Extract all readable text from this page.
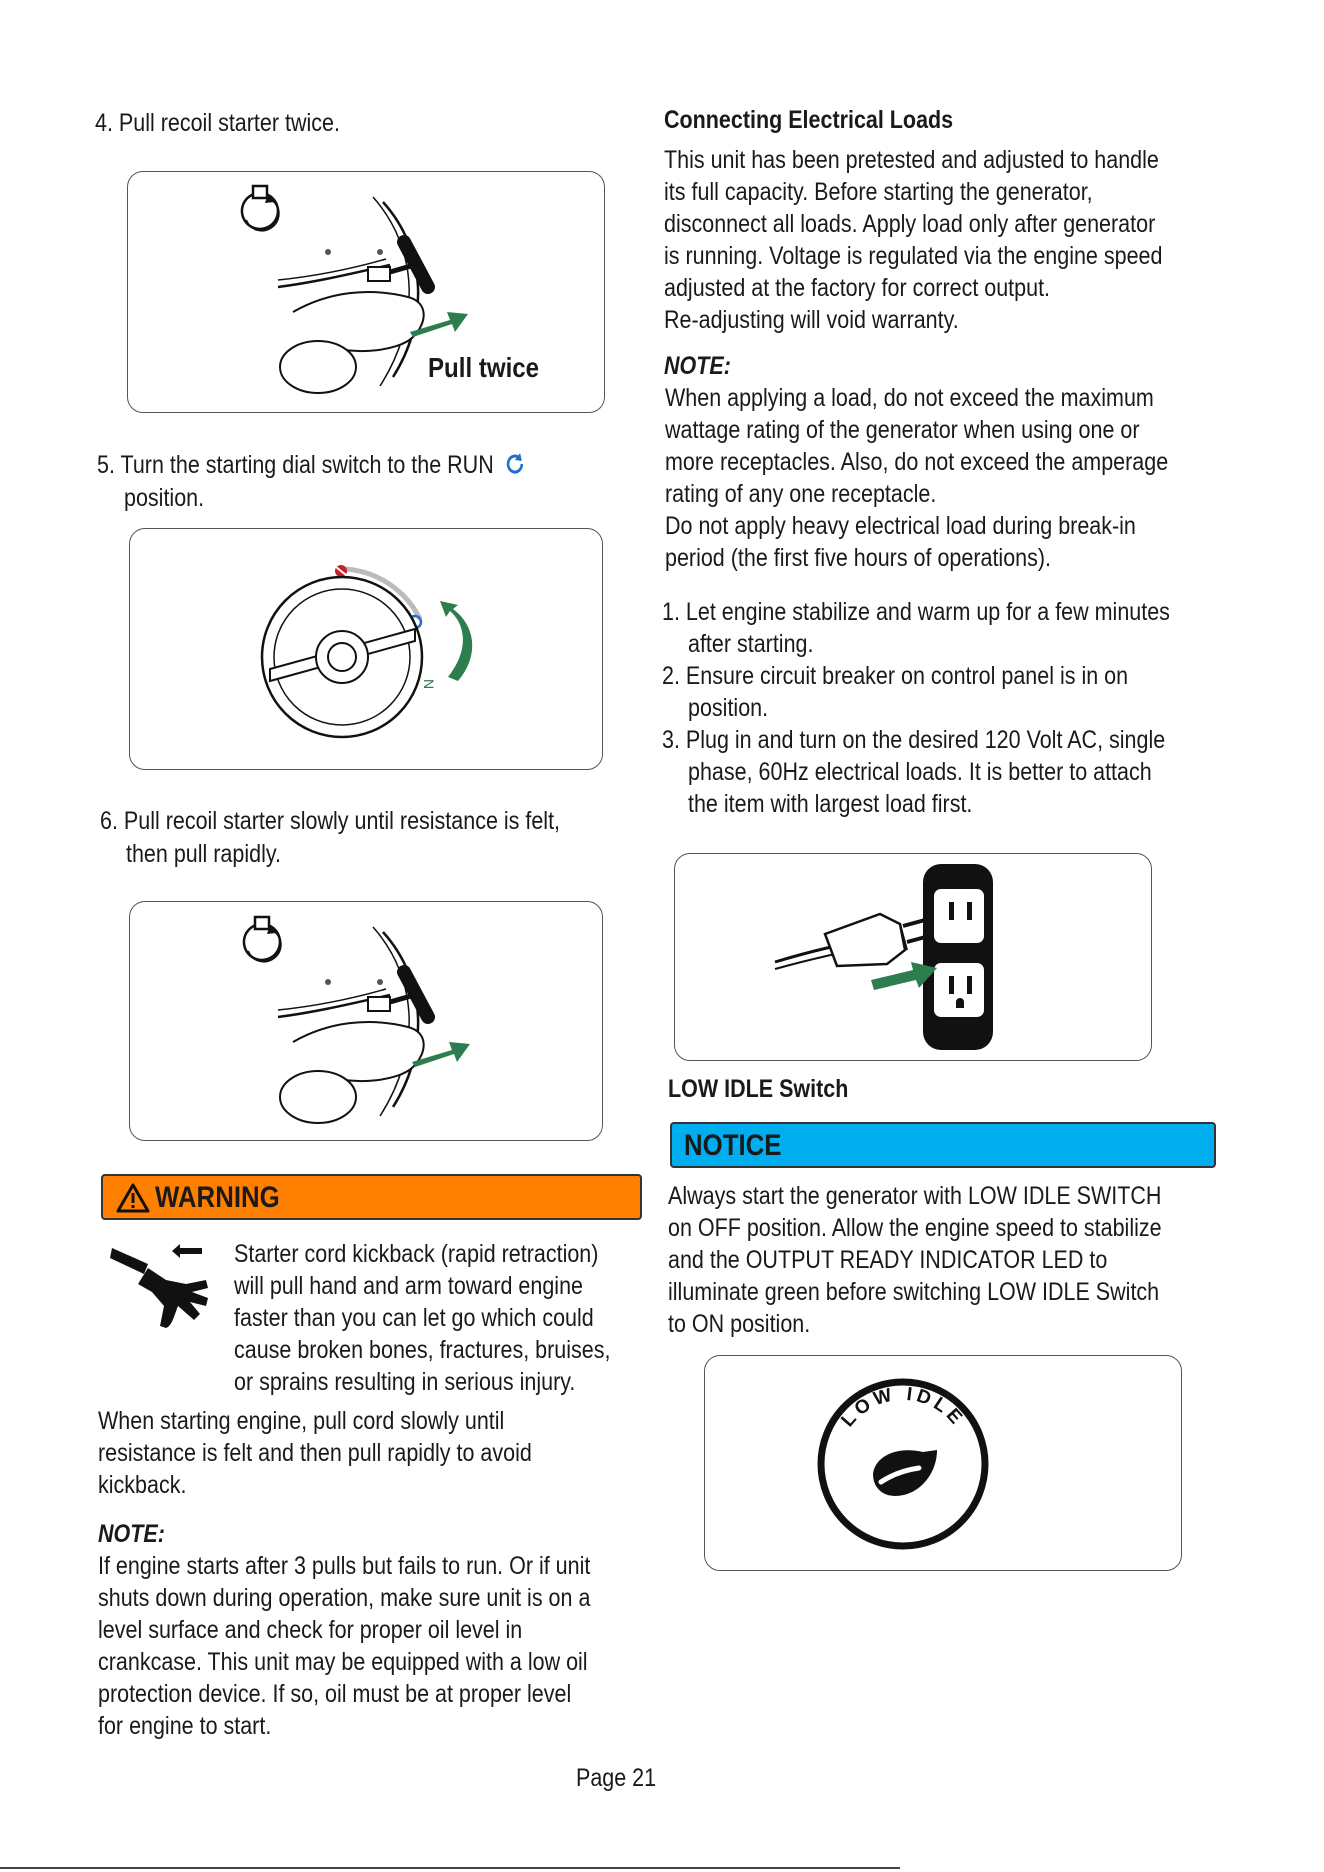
4. Pull recoil starter twice.
Pull twice
5. Turn the starting dial switch to the RUN
position.
N
6. Pull recoil starter slowly until resistance is felt,
then pull rapidly.
WARNING
Starter cord kickback (rapid retraction)
will pull hand and arm toward engine
faster than you can let go which could
cause broken bones, fractures, bruises,
or sprains resulting in serious injury.
When starting engine, pull cord slowly until
resistance is felt and then pull rapidly to avoid
kickback.
NOTE:
If engine starts after 3 pulls but fails to run. Or if unit
shuts down during operation, make sure unit is on a
level surface and check for proper oil level in
crankcase. This unit may be equipped with a low oil
protection device. If so, oil must be at proper level
for engine to start.
Connecting Electrical Loads
This unit has been pretested and adjusted to handle
its full capacity. Before starting the generator,
disconnect all loads. Apply load only after generator
is running. Voltage is regulated via the engine speed
adjusted at the factory for correct output.
Re-adjusting will void warranty.
NOTE:
When applying a load, do not exceed the maximum
wattage rating of the generator when using one or
more receptacles. Also, do not exceed the amperage
rating of any one receptacle.
Do not apply heavy electrical load during break-in
period (the first five hours of operations).
1. Let engine stabilize and warm up for a few minutes
after starting.
2. Ensure circuit breaker on control panel is in on
position.
3. Plug in and turn on the desired 120 Volt AC, single
phase, 60Hz electrical loads. It is better to attach
the item with largest load first.
LOW IDLE Switch
NOTICE
Always start the generator with LOW IDLE SWITCH
on OFF position. Allow the engine speed to stabilize
and the OUTPUT READY INDICATOR LED to
illuminate green before switching LOW IDLE Switch
to ON position.
LOW IDLE
Page 21
